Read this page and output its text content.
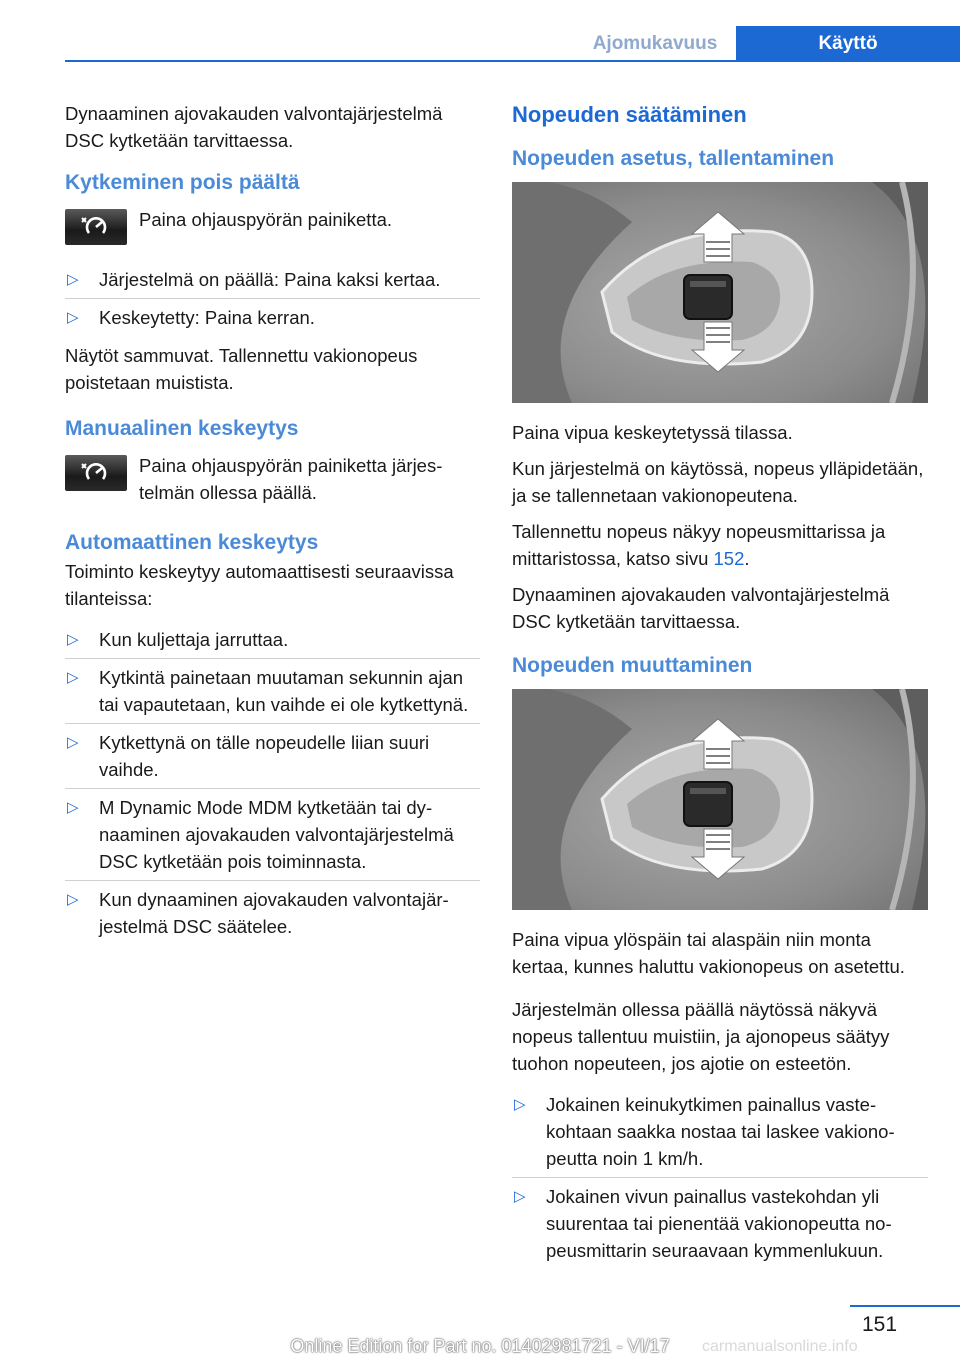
Ajomukavuus	Käyttö

Dynaaminen ajovakauden valvontajärjestelmä DSC kytketään tarvittaessa.

Kytkeminen pois päältä

Paina ohjauspyörän painiketta.

▷ Järjestelmä on päällä: Paina kaksi kertaa.
▷ Keskeytetty: Paina kerran.

Näytöt sammuvat. Tallennettu vakionopeus poistetaan muistista.

Manuaalinen keskeytys

Paina ohjauspyörän painiketta järjestelmän ollessa päällä.

Automaattinen keskeytys

Toiminto keskeytyy automaattisesti seuraavissa tilanteissa:

▷ Kun kuljettaja jarruttaa.
▷ Kytkintä painetaan muutaman sekunnin ajan tai vapautetaan, kun vaihde ei ole kytkettynä.
▷ Kytkettynä on tälle nopeudelle liian suuri vaihde.
▷ M Dynamic Mode MDM kytketään tai dynaaminen ajovakauden valvontajärjestelmä DSC kytketään pois toiminnasta.
▷ Kun dynaaminen ajovakauden valvontajärjestelmä DSC säätelee.
Nopeuden säätäminen
Nopeuden asetus, tallentaminen

Paina vipua keskeytetyssä tilassa.

Kun järjestelmä on käytössä, nopeus ylläpidetään, ja se tallennetaan vakionopeutena.

Tallennettu nopeus näkyy nopeusmittarissa ja mittaristossa, katso sivu 152.

Dynaaminen ajovakauden valvontajärjestelmä DSC kytketään tarvittaessa.

Nopeuden muuttaminen

Paina vipua ylöspäin tai alaspäin niin monta kertaa, kunnes haluttu vakionopeus on asetettu.

Järjestelmän ollessa päällä näytössä näkyvä nopeus tallentuu muistiin, ja ajonopeus säätyy tuohon nopeuteen, jos ajotie on esteetön.

▷ Jokainen keinukytkimen painallus vastekohtaan saakka nostaa tai laskee vakionopeutta noin 1 km/h.
▷ Jokainen vivun painallus vastekohdan yli suurentaa tai pienentää vakionopeutta nopeusmittarin seuraavaan kymmenlukuun.
151
Online Edition for Part no. 01402981721 - VI/17	carmanualsonline.info
